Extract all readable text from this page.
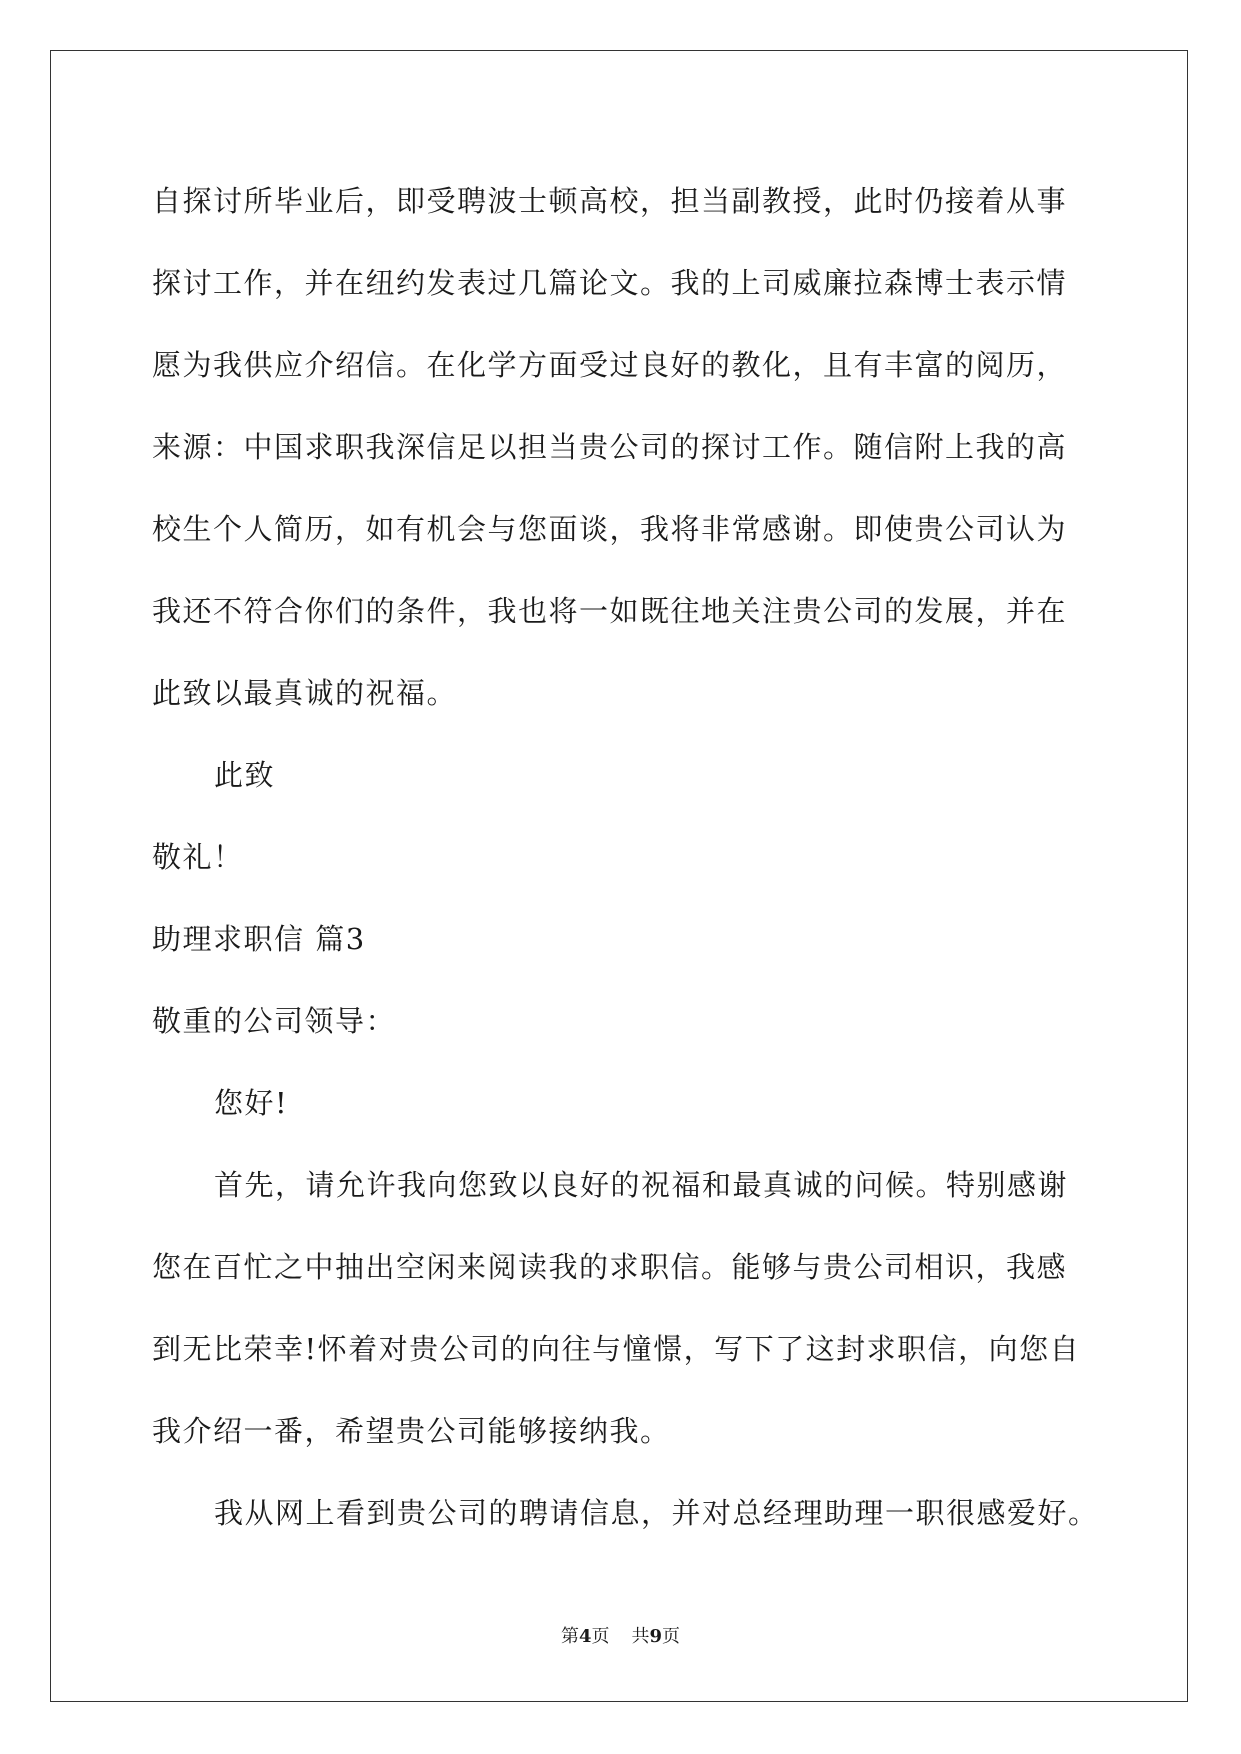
自探讨所毕业后，即受聘波士顿高校，担当副教授，此时仍接着从事
探讨工作，并在纽约发表过几篇论文。我的上司威廉拉森博士表示情
愿为我供应介绍信。在化学方面受过良好的教化，且有丰富的阅历，
来源：中国求职我深信足以担当贵公司的探讨工作。随信附上我的高
校生个人简历，如有机会与您面谈，我将非常感谢。即使贵公司认为
我还不符合你们的条件，我也将一如既往地关注贵公司的发展，并在
此致以最真诚的祝福。
此致
敬礼！
助理求职信 篇3
敬重的公司领导：
您好!
首先，请允许我向您致以良好的祝福和最真诚的问候。特别感谢
您在百忙之中抽出空闲来阅读我的求职信。能够与贵公司相识，我感
到无比荣幸!怀着对贵公司的向往与憧憬，写下了这封求职信，向您自
我介绍一番，希望贵公司能够接纳我。
我从网上看到贵公司的聘请信息，并对总经理助理一职很感爱好。
第4页 共9页
